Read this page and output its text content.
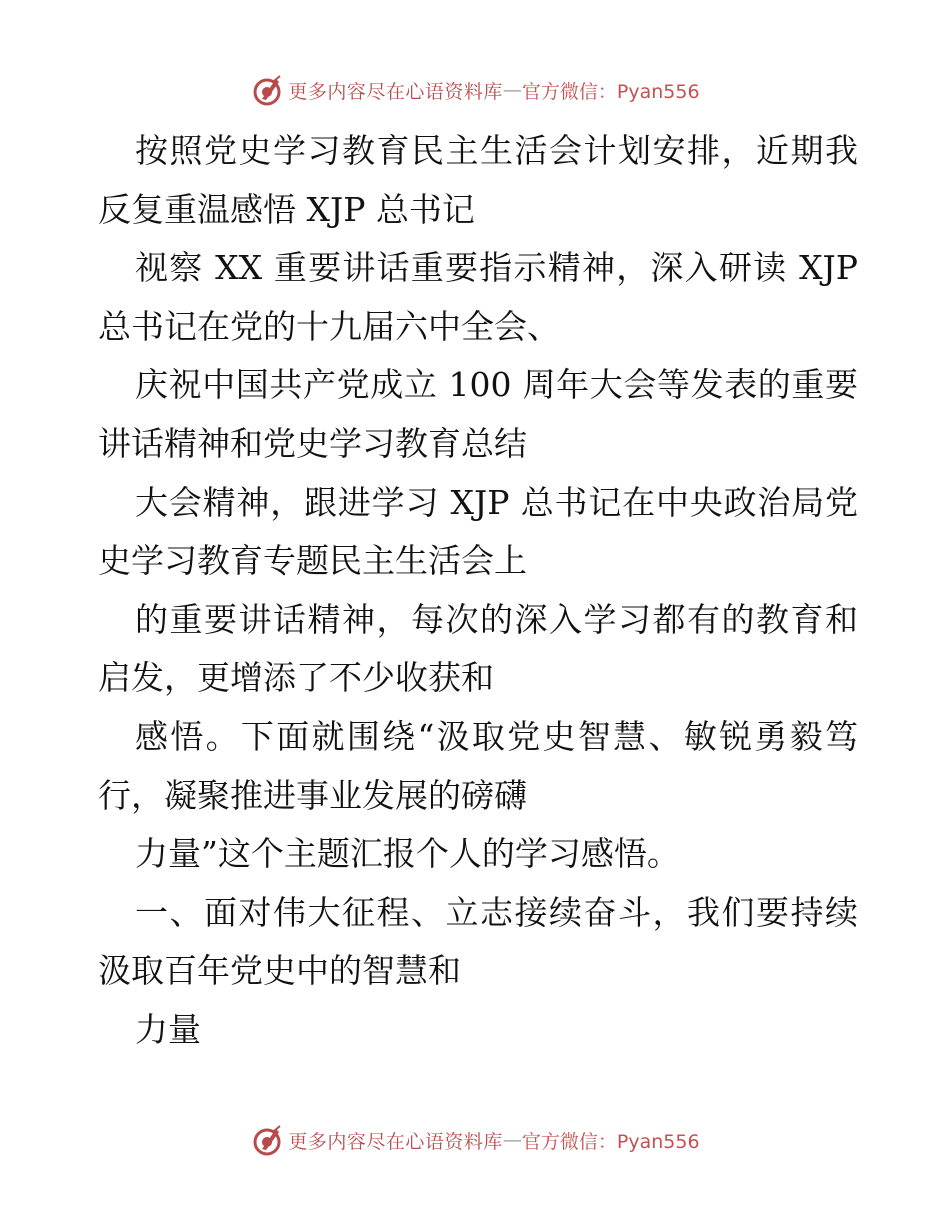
更多内容尽在心语资料库 — 官方微信：Pyan556

按照党史学习教育民主生活会计划安排，近期我反复重温感悟 XJP 总书记

视察 XX 重要讲话重要指示精神，深入研读 XJP 总书记在党的十九届六中全会、

庆祝中国共产党成立 100 周年大会等发表的重要讲话精神和党史学习教育总结

大会精神，跟进学习 XJP 总书记在中央政治局党史学习教育专题民主生活会上

的重要讲话精神，每次的深入学习都有的教育和启发，更增添了不少收获和

感悟。下面就围绕“汲取党史智慧、敏锐勇毅笃行，凝聚推进事业发展的磅礴

力量”这个主题汇报个人的学习感悟。

一、面对伟大征程、立志接续奋斗，我们要持续汲取百年党史中的智慧和

力量

更多内容尽在心语资料库 — 官方微信：Pyan556
